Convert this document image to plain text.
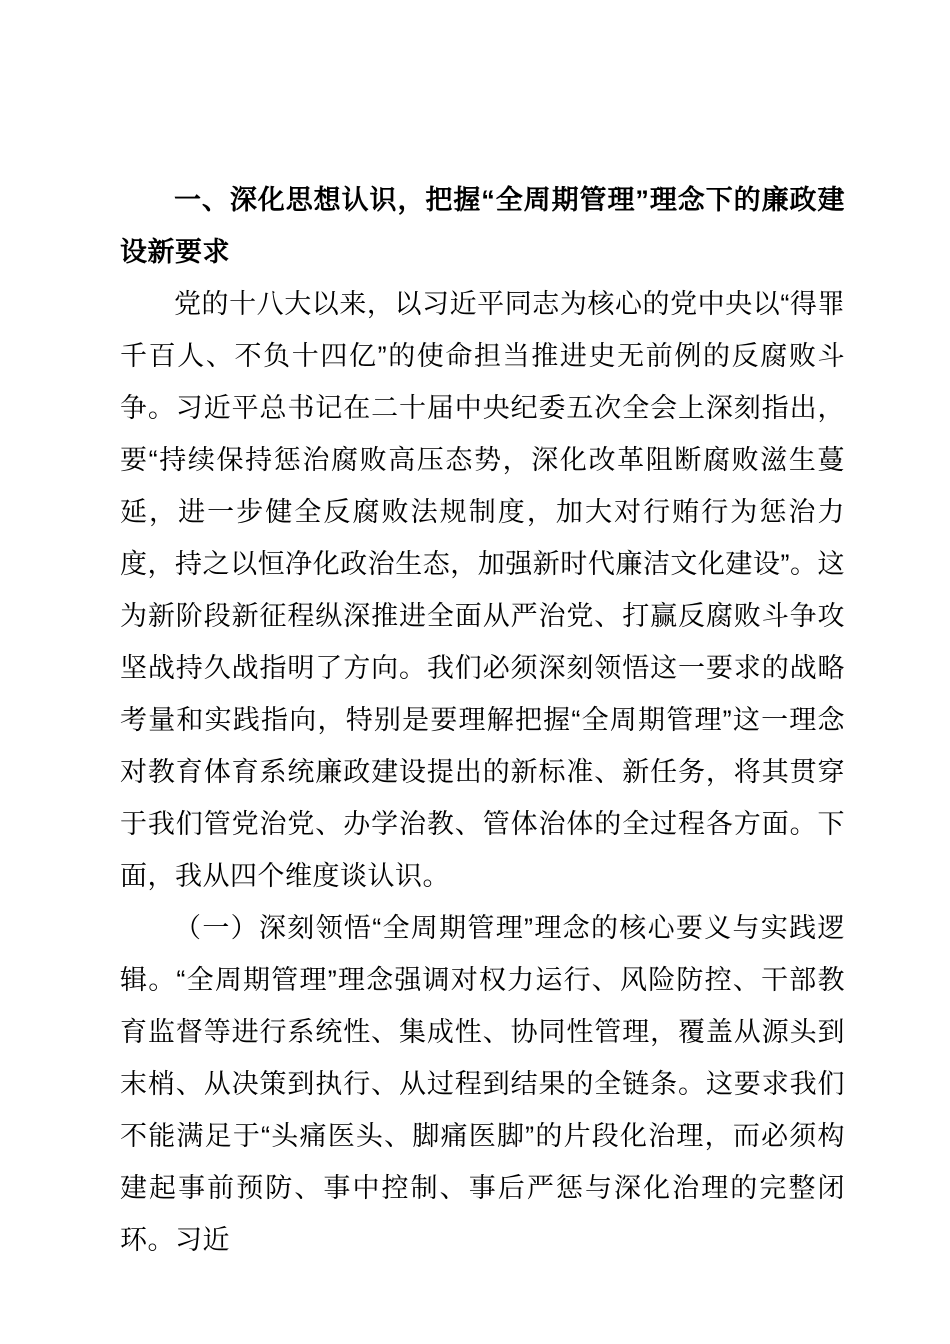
一、深化思想认识，把握“全周期管理”理念下的廉政建设新要求

党的十八大以来，以习近平同志为核心的党中央以“得罪千百人、不负十四亿”的使命担当推进史无前例的反腐败斗争。习近平总书记在二十届中央纪委五次全会上深刻指出，要“持续保持惩治腐败高压态势，深化改革阻断腐败滋生蔓延，进一步健全反腐败法规制度，加大对行贿行为惩治力度，持之以恒净化政治生态，加强新时代廉洁文化建设”。这为新阶段新征程纵深推进全面从严治党、打赢反腐败斗争攻坚战持久战指明了方向。我们必须深刻领悟这一要求的战略考量和实践指向，特别是要理解把握“全周期管理”这一理念对教育体育系统廉政建设提出的新标准、新任务，将其贯穿于我们管党治党、办学治教、管体治体的全过程各方面。下面，我从四个维度谈认识。

（一）深刻领悟“全周期管理”理念的核心要义与实践逻辑。“全周期管理”理念强调对权力运行、风险防控、干部教育监督等进行系统性、集成性、协同性管理，覆盖从源头到末梢、从决策到执行、从过程到结果的全链条。这要求我们不能满足于“头痛医头、脚痛医脚”的片段化治理，而必须构建起事前预防、事中控制、事后严惩与深化治理的完整闭环。习近
